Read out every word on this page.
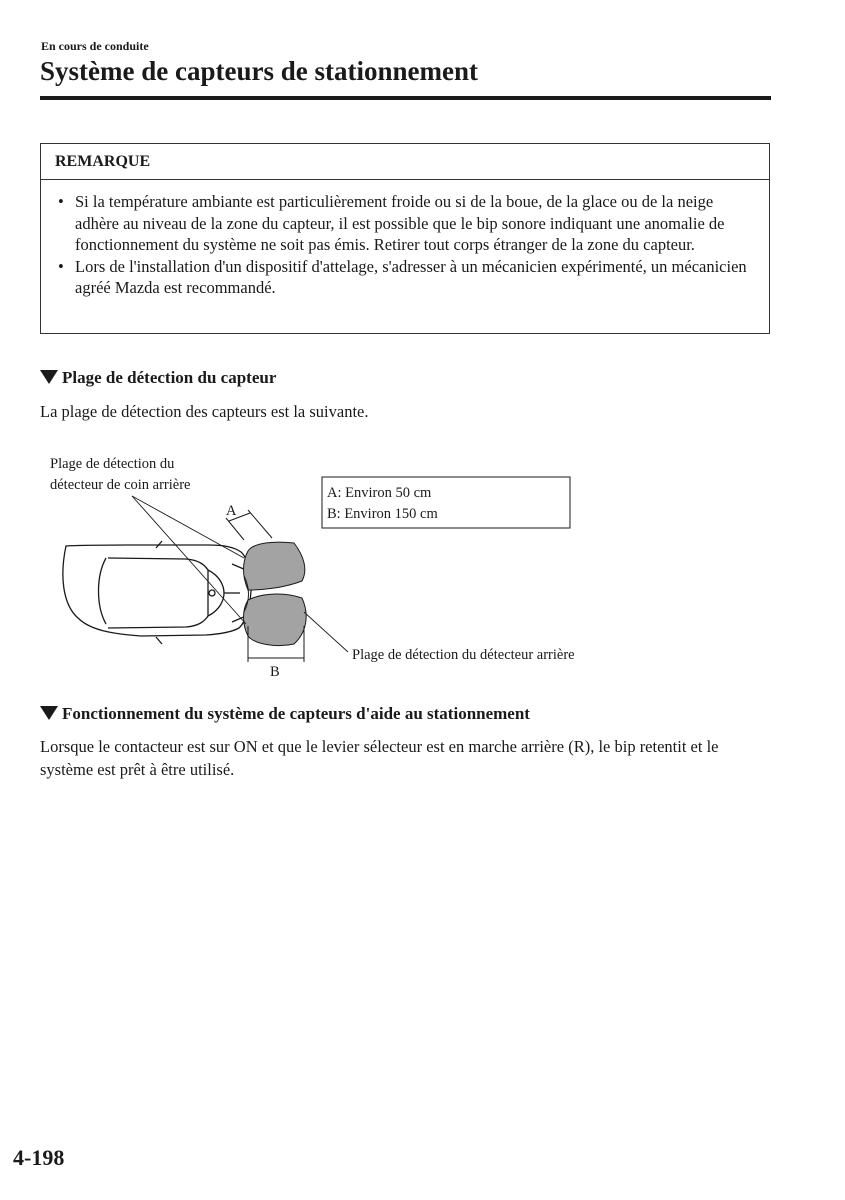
En cours de conduite
Système de capteurs de stationnement
REMARQUE
• Si la température ambiante est particulièrement froide ou si de la boue, de la glace ou de la neige adhère au niveau de la zone du capteur, il est possible que le bip sonore indiquant une anomalie de fonctionnement du système ne soit pas émis. Retirer tout corps étranger de la zone du capteur.
• Lors de l'installation d'un dispositif d'attelage, s'adresser à un mécanicien expérimenté, un mécanicien agréé Mazda est recommandé.
Plage de détection du capteur

La plage de détection des capteurs est la suivante.

A
B
Plage de détection du
détecteur de coin arrière
Plage de détection du détecteur arrière
A: Environ 50 cm
B: Environ 150 cm
Fonctionnement du système de capteurs d'aide au stationnement

Lorsque le contacteur est sur ON et que le levier sélecteur est en marche arrière (R), le bip retentit et le système est prêt à être utilisé.

4-198
